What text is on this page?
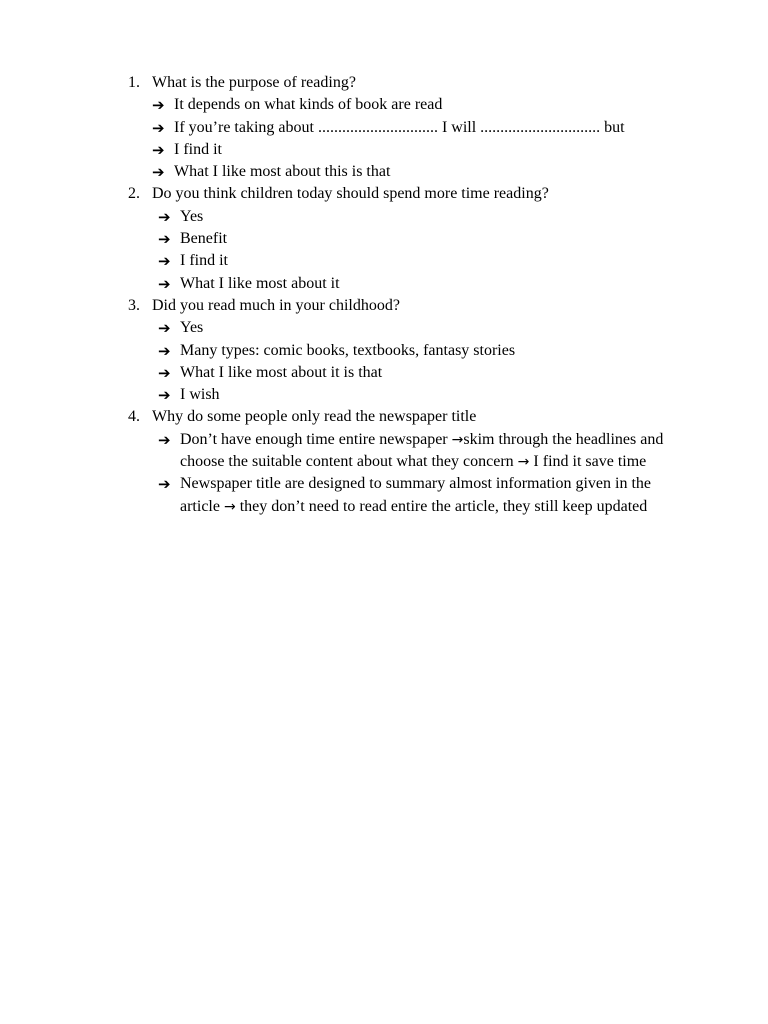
1. What is the purpose of reading?
➔ It depends on what kinds of book are read
➔ If you’re taking about .............................. I will .............................. but
➔ I find it
➔ What I like most about this is that
2. Do you think children today should spend more time reading?
➔ Yes
➔ Benefit
➔ I find it
➔ What I like most about it
3. Did you read much in your childhood?
➔ Yes
➔ Many types: comic books, textbooks, fantasy stories
➔ What I like most about it is that
➔ I wish
4. Why do some people only read the newspaper title
➔ Don’t have enough time entire newspaper →skim through the headlines and choose the suitable content about what they concern → I find it save time
➔ Newspaper title are designed to summary almost information given in the article → they don’t need to read entire the article, they still keep updated
